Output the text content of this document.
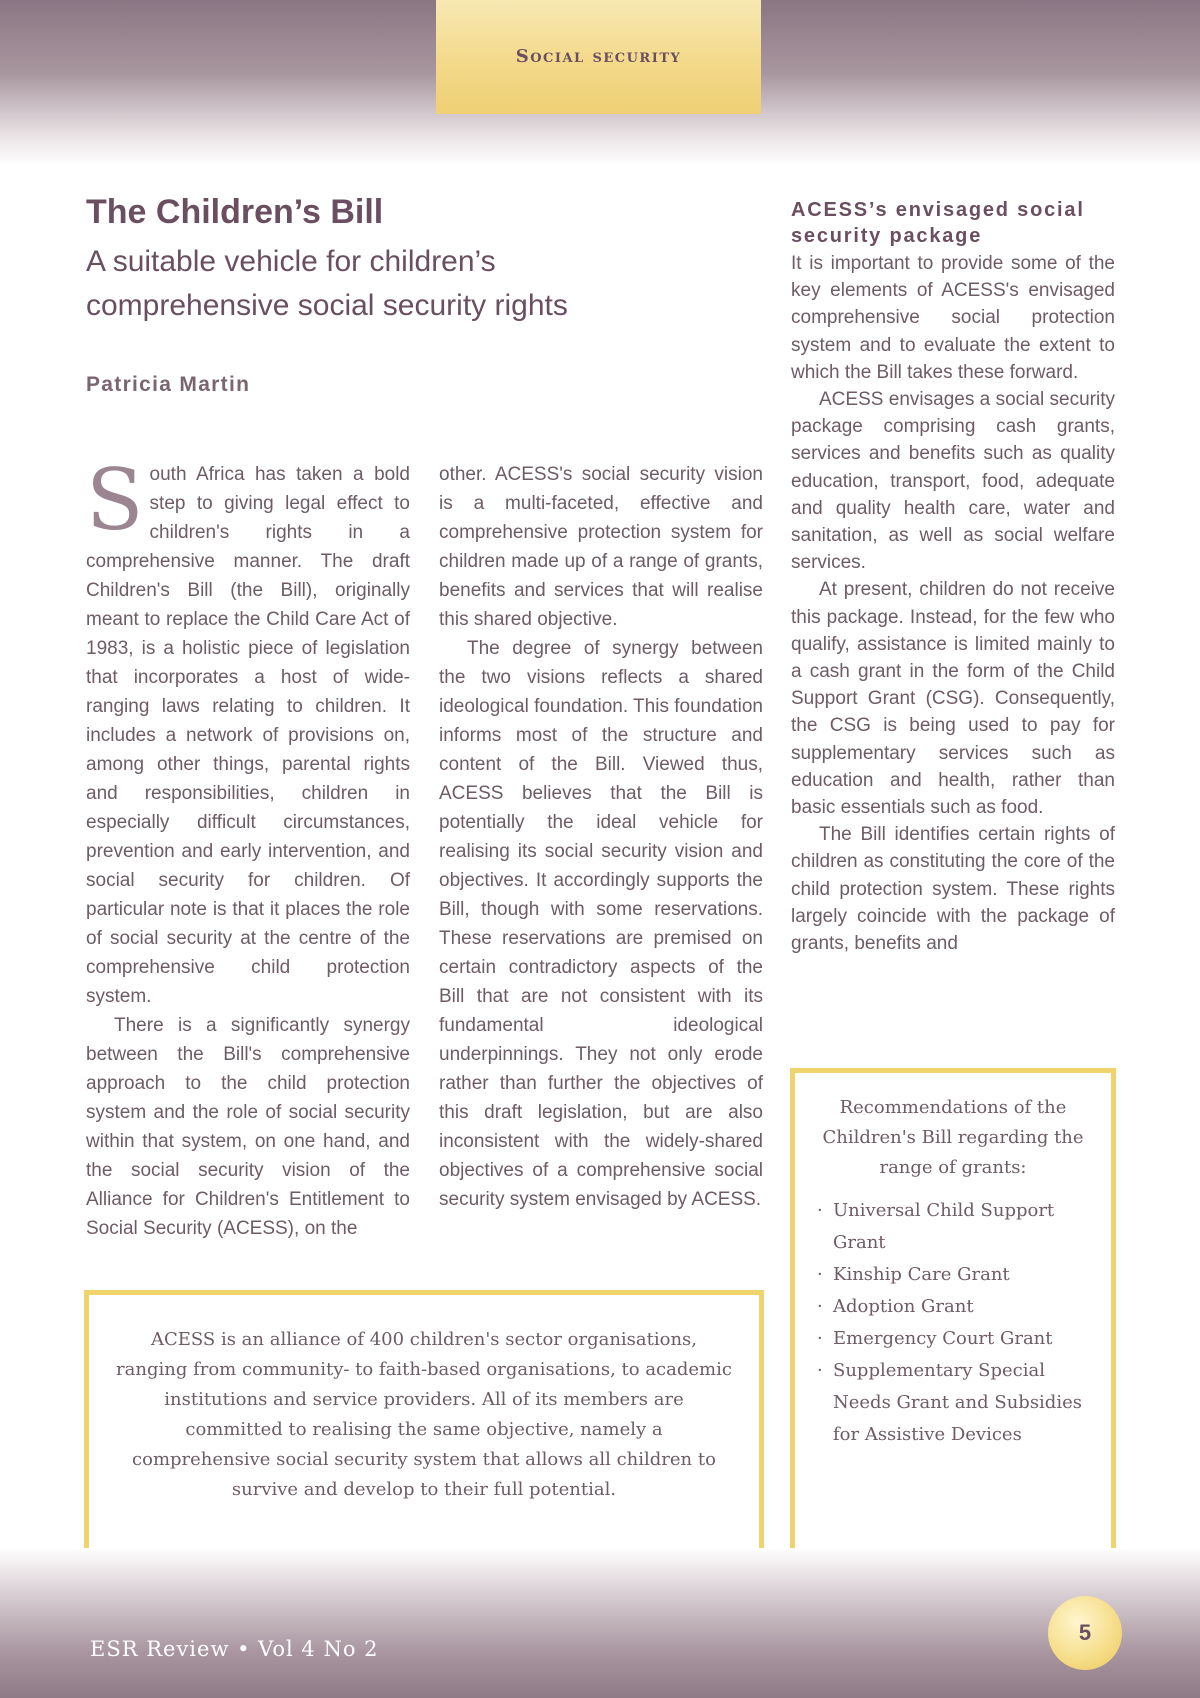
Social security
The Children’s Bill
A suitable vehicle for children’s comprehensive social security rights
Patricia Martin

South Africa has taken a bold step to giving legal effect to children's rights in a comprehensive manner. The draft Children's Bill (the Bill), originally meant to replace the Child Care Act of 1983, is a holistic piece of legislation that incorporates a host of wide-ranging laws relating to children. It includes a network of provisions on, among other things, parental rights and responsibilities, children in especially difficult circumstances, prevention and early intervention, and social security for children. Of particular note is that it places the role of social security at the centre of the comprehensive child protection system.

There is a significantly synergy between the Bill's comprehensive approach to the child protection system and the role of social security within that system, on one hand, and the social security vision of the Alliance for Children's Entitlement to Social Security (ACESS), on the

other. ACESS's social security vision is a multi-faceted, effective and comprehensive protection system for children made up of a range of grants, benefits and services that will realise this shared objective.

The degree of synergy between the two visions reflects a shared ideological foundation. This foundation informs most of the structure and content of the Bill. Viewed thus, ACESS believes that the Bill is potentially the ideal vehicle for realising its social security vision and objectives. It accordingly supports the Bill, though with some reservations. These reservations are premised on certain contradictory aspects of the Bill that are not consistent with its fundamental ideological underpinnings. They not only erode rather than further the objectives of this draft legislation, but are also inconsistent with the widely-shared objectives of a comprehensive social security system envisaged by ACESS.

ACESS’s envisaged social security package

It is important to provide some of the key elements of ACESS's envisaged comprehensive social protection system and to evaluate the extent to which the Bill takes these forward.

ACESS envisages a social security package comprising cash grants, services and benefits such as quality education, transport, food, adequate and quality health care, water and sanitation, as well as social welfare services.

At present, children do not receive this package. Instead, for the few who qualify, assistance is limited mainly to a cash grant in the form of the Child Support Grant (CSG). Consequently, the CSG is being used to pay for supplementary services such as education and health, rather than basic essentials such as food.

The Bill identifies certain rights of children as constituting the core of the child protection system. These rights largely coincide with the package of grants, benefits and

ACESS is an alliance of 400 children's sector organisations, ranging from community- to faith-based organisations, to academic institutions and service providers. All of its members are committed to realising the same objective, namely a comprehensive social security system that allows all children to survive and develop to their full potential.

Recommendations of the Children's Bill regarding the range of grants:

· Universal Child Support Grant
· Kinship Care Grant
· Adoption Grant
· Emergency Court Grant
· Supplementary Special Needs Grant and Subsidies for Assistive Devices
ESR Review • Vol 4 No 2
5
